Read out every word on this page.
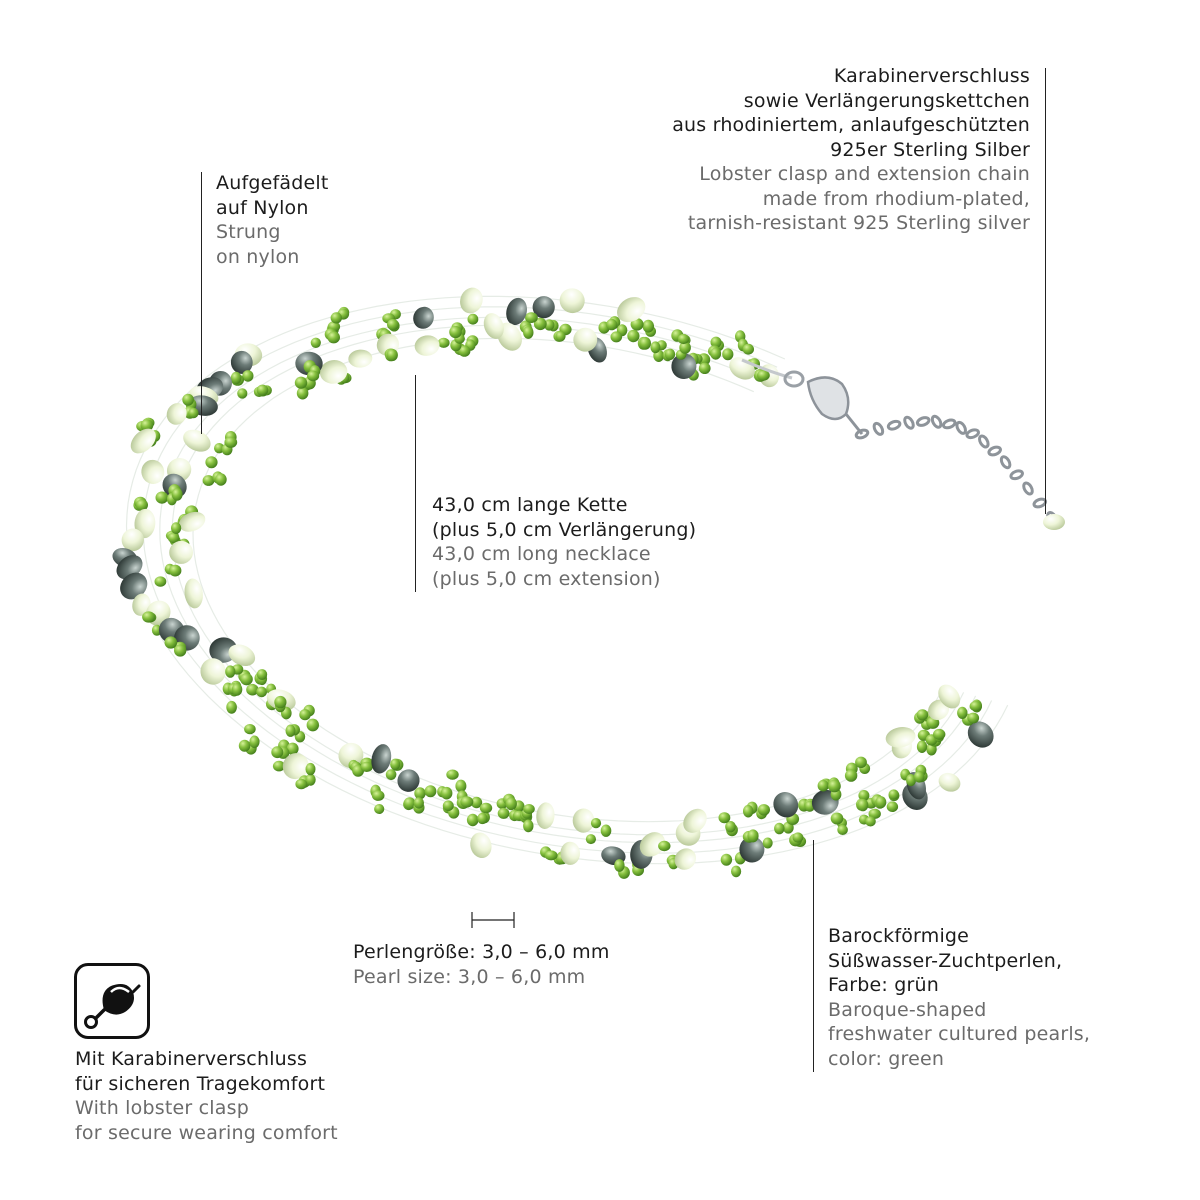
Aufgefädelt
auf Nylon
Strung
on nylon
Karabinerverschluss
sowie Verlängerungskettchen
aus rhodiniertem, anlaufgeschützten
925er Sterling Silber
Lobster clasp and extension chain
made from rhodium-plated,
tarnish-resistant 925 Sterling silver
43,0 cm lange Kette
(plus 5,0 cm Verlängerung)
43,0 cm long necklace
(plus 5,0 cm extension)
Perlengröße: 3,0 – 6,0 mm
Pearl size: 3,0 – 6,0 mm
Barockförmige
Süßwasser-Zuchtperlen,
Farbe: grün
Baroque-shaped
freshwater cultured pearls,
color: green
Mit Karabinerverschluss
für sicheren Tragekomfort
With lobster clasp
for secure wearing comfort
